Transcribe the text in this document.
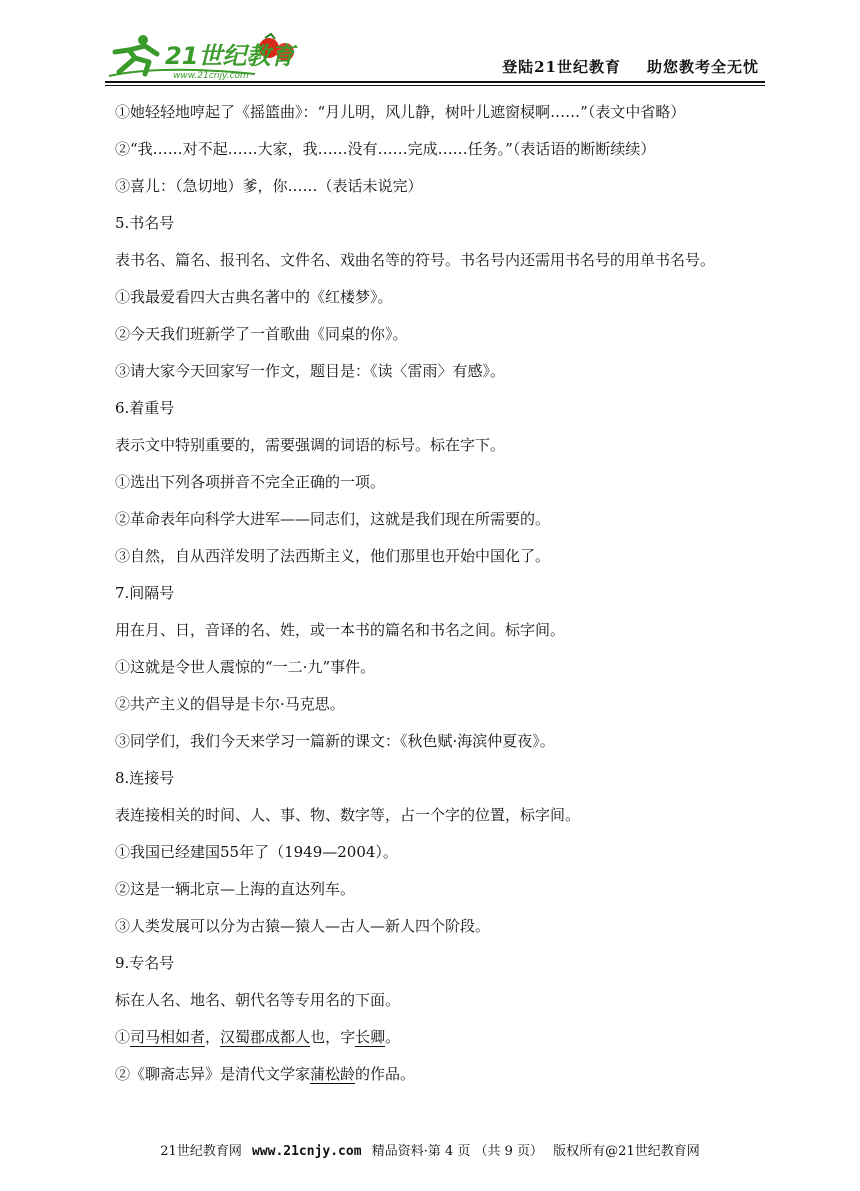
21世纪教育
www.21cnjy.com	登陆21世纪教育 助您教考全无忧
①她轻轻地哼起了《摇篮曲》：“月儿明，风儿静，树叶儿遮窗棂啊……”（表文中省略）
②“我……对不起……大家，我……没有……完成……任务。”（表话语的断断续续）
③喜儿：（急切地）爹，你……（表话未说完）
5.书名号
表书名、篇名、报刊名、文件名、戏曲名等的符号。书名号内还需用书名号的用单书名号。
①我最爱看四大古典名著中的《红楼梦》。
②今天我们班新学了一首歌曲《同桌的你》。
③请大家今天回家写一作文，题目是：《读〈雷雨〉有感》。
6.着重号
表示文中特别重要的，需要强调的词语的标号。标在字下。
①选出下列各项拼音不完全正确的一项。
②革命表年向科学大进军——同志们，这就是我们现在所需要的。
③自然，自从西洋发明了法西斯主义，他们那里也开始中国化了。
7.间隔号
用在月、日，音译的名、姓，或一本书的篇名和书名之间。标字间。
①这就是令世人震惊的“一二·九”事件。
②共产主义的倡导是卡尔·马克思。
③同学们，我们今天来学习一篇新的课文：《秋色赋·海滨仲夏夜》。
8.连接号
表连接相关的时间、人、事、物、数字等，占一个字的位置，标字间。
①我国已经建国55年了（1949—2004）。
②这是一辆北京—上海的直达列车。
③人类发展可以分为古猿—猿人—古人—新人四个阶段。
9.专名号
标在人名、地名、朝代名等专用名的下面。
①司马相如者，汉蜀郡成都人也，字长卿。
②《聊斋志异》是清代文学家蒲松龄的作品。
21世纪教育网 www.21cnjy.com 精品资料·第 4 页 （共 9 页） 版权所有@21世纪教育网
